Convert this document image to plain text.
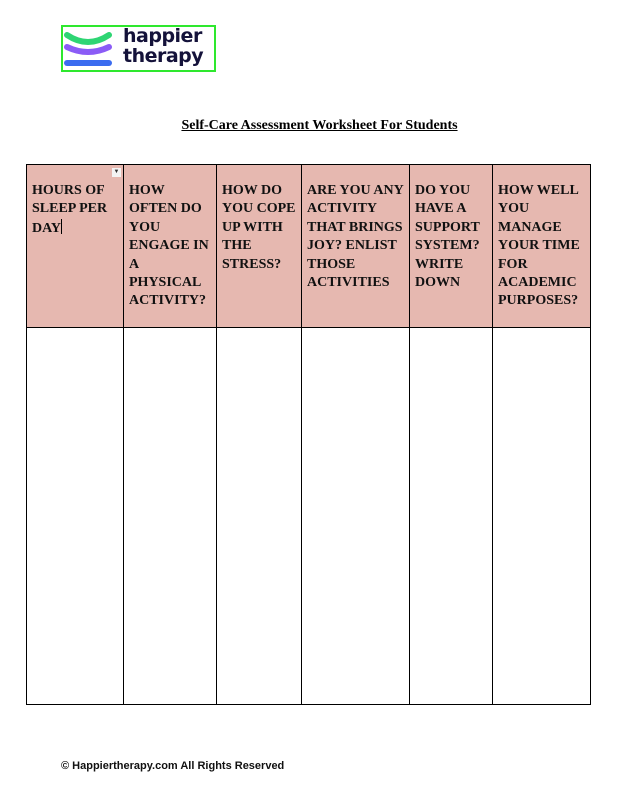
happier
therapy
Self-Care Assessment Worksheet For Students
▼
HOURS OF SLEEP PER DAY	HOW OFTEN DO YOU ENGAGE IN A PHYSICAL ACTIVITY?	HOW DO YOU COPE UP WITH THE STRESS?	ARE YOU ANY ACTIVITY THAT BRINGS JOY? ENLIST THOSE ACTIVITIES	DO YOU HAVE A SUPPORT SYSTEM? WRITE DOWN	HOW WELL YOU MANAGE YOUR TIME FOR ACADEMIC PURPOSES?

© Happiertherapy.com All Rights Reserved
